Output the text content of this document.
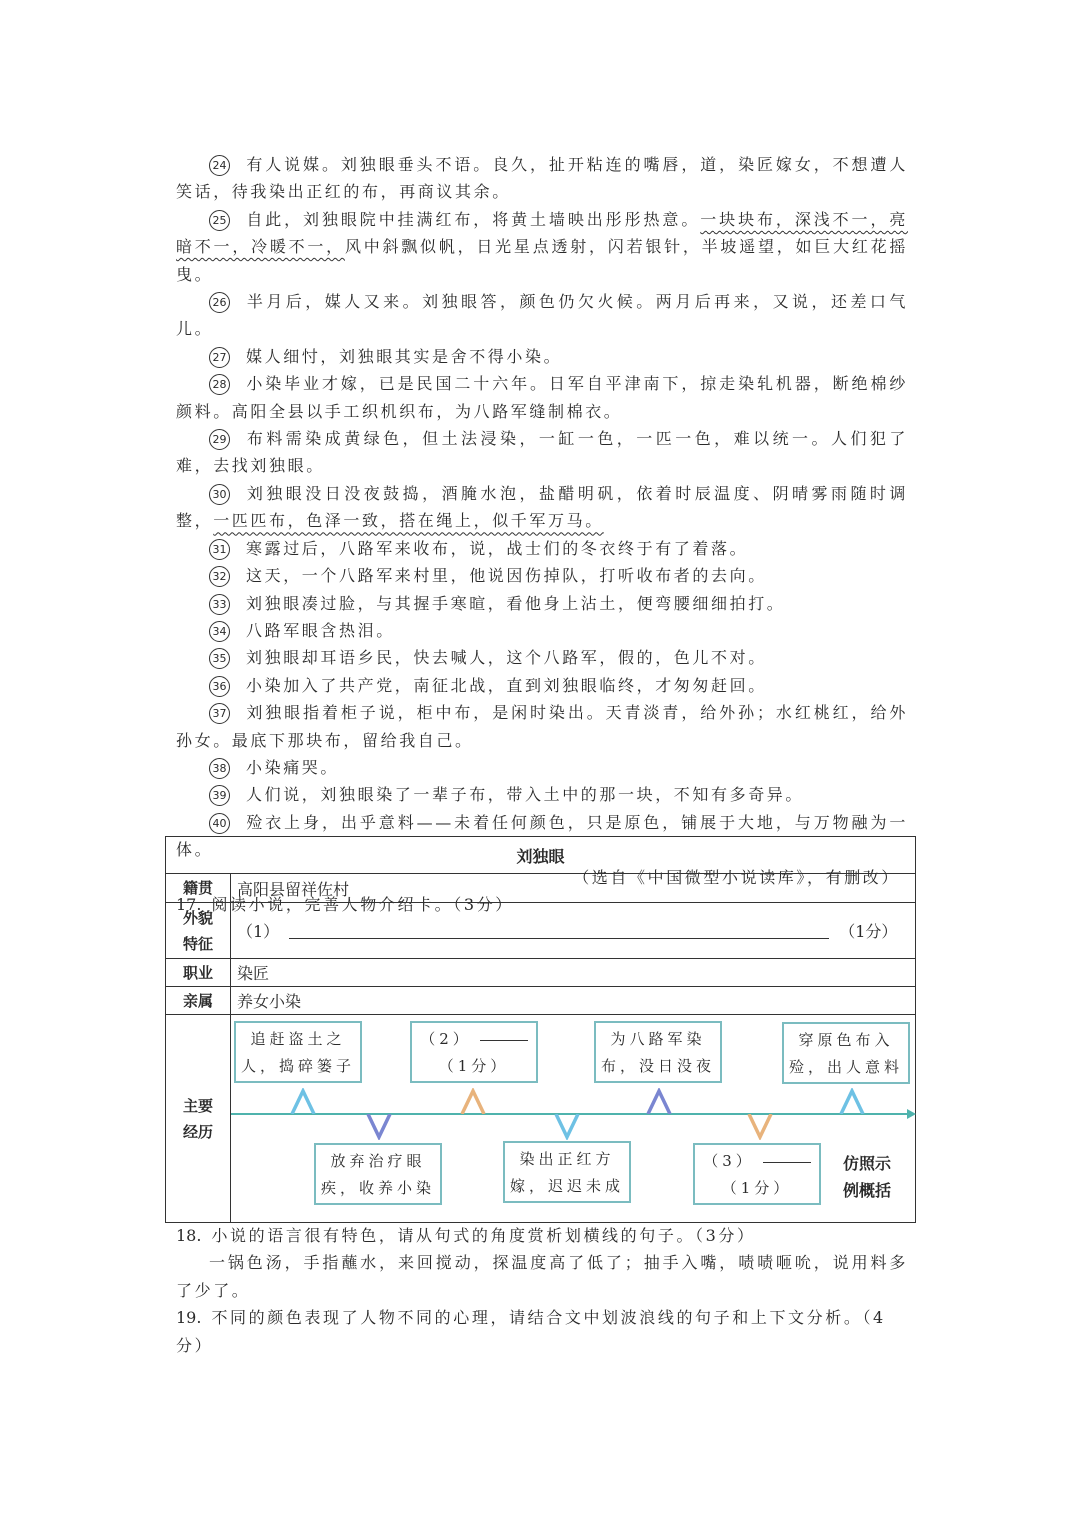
24 有人说媒。刘独眼垂头不语。良久，扯开粘连的嘴唇，道，染匠嫁女，不想遭人笑话，待我染出正红的布，再商议其余。

25 自此，刘独眼院中挂满红布，将黄土墙映出彤彤热意。一块块布，深浅不一，亮暗不一，冷暖不一，风中斜飘似帆，日光星点透射，闪若银针，半坡遥望，如巨大红花摇曳。

26 半月后，媒人又来。刘独眼答，颜色仍欠火候。两月后再来，又说，还差口气儿。

27 媒人细忖，刘独眼其实是舍不得小染。

28 小染毕业才嫁，已是民国二十六年。日军自平津南下，掠走染轧机器，断绝棉纱颜料。高阳全县以手工织机织布，为八路军缝制棉衣。

29 布料需染成黄绿色，但土法浸染，一缸一色，一匹一色，难以统一。人们犯了难，去找刘独眼。

30 刘独眼没日没夜鼓捣，酒腌水泡，盐醋明矾，依着时辰温度、阴晴雾雨随时调整，一匹匹布，色泽一致，搭在绳上，似千军万马。

31 寒露过后，八路军来收布，说，战士们的冬衣终于有了着落。

32 这天，一个八路军来村里，他说因伤掉队，打听收布者的去向。

33 刘独眼凑过脸，与其握手寒暄，看他身上沾土，便弯腰细细拍打。

34 八路军眼含热泪。

35 刘独眼却耳语乡民，快去喊人，这个八路军，假的，色儿不对。

36 小染加入了共产党，南征北战，直到刘独眼临终，才匆匆赶回。

37 刘独眼指着柜子说，柜中布，是闲时染出。天青淡青，给外孙；水红桃红，给外孙女。最底下那块布，留给我自己。

38 小染痛哭。

39 人们说，刘独眼染了一辈子布，带入土中的那一块，不知有多奇异。

40 殓衣上身，出乎意料——未着任何颜色，只是原色，铺展于大地，与万物融为一体。

（选自《中国微型小说读库》，有删改）

17. 阅读小说，完善人物介绍卡。（3分）

刘独眼	
籍贯	高阳县留祥佐村
外貌特征	（1） （1分）
职业	染匠
亲属	养女小染
主要经历	
追赶盗土之
人，捣碎篓子
（2）
（1分）
为八路军染
布，没日没夜
穿原色布入
殓，出人意料
放弃治疗眼
疾，收养小染
染出正红方
嫁，迟迟未成
（3）
（1分）
仿照示例概括

18. 小说的语言很有特色，请从句式的角度赏析划横线的句子。（3分）

一锅色汤，手指蘸水，来回搅动，探温度高了低了；抽手入嘴，啧啧咂吮，说用料多了少了。

19. 不同的颜色表现了人物不同的心理，请结合文中划波浪线的句子和上下文分析。（4分）
